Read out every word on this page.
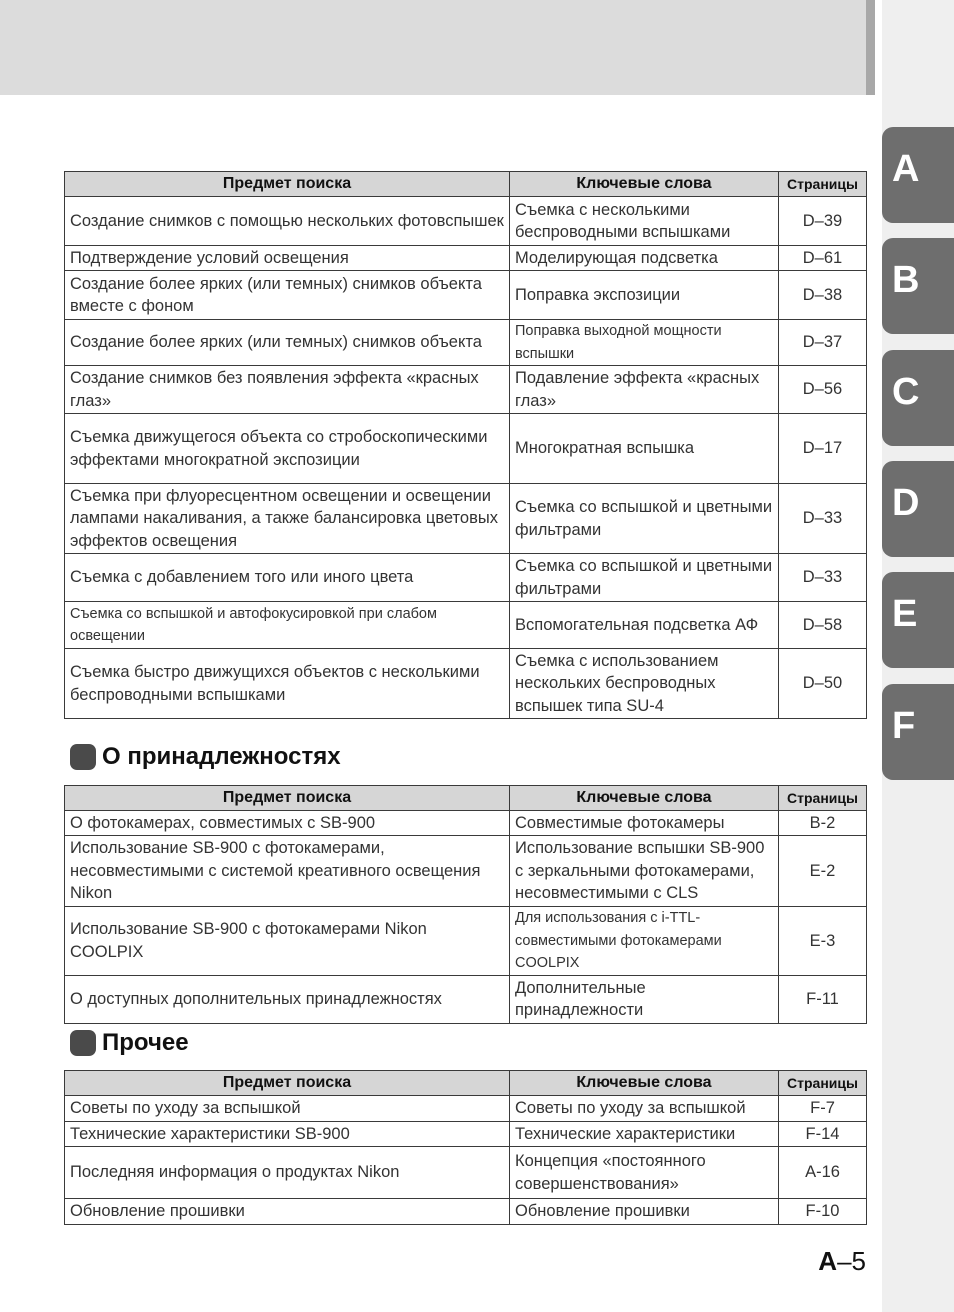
A
B
C
D
E
F
Предмет поиска	Ключевые слова	Страницы
Создание снимков с помощью нескольких фотовспышек	Съемка с несколькими беспроводными вспышками	D–39
Подтверждение условий освещения	Моделирующая подсветка	D–61
Создание более ярких (или темных) снимков объекта вместе с фоном	Поправка экспозиции	D–38
Создание более ярких (или темных) снимков объекта	Поправка выходной мощности вспышки	D–37
Создание снимков без появления эффекта «красных глаз»	Подавление эффекта «красных глаз»	D–56
Съемка движущегося объекта со стробоскопическими эффектами многократной экспозиции	Многократная вспышка	D–17
Съемка при флуоресцентном освещении и освещении лампами накаливания, а также балансировка цветовых эффектов освещения	Съемка со вспышкой и цветными фильтрами	D–33
Съемка с добавлением того или иного цвета	Съемка со вспышкой и цветными фильтрами	D–33
Съемка со вспышкой и автофокусировкой при слабом освещении	Вспомогательная подсветка АФ	D–58
Съемка быстро движущихся объектов с несколькими беспроводными вспышками	Съемка с использованием нескольких беспроводных вспышек типа SU-4	D–50
О принадлежностях
Предмет поиска	Ключевые слова	Страницы
О фотокамерах, совместимых с SB-900	Совместимые фотокамеры	B-2
Использование SB-900 с фотокамерами, несовместимыми с системой креативного освещения Nikon	Использование вспышки SB-900 с зеркальными фотокамерами, несовместимыми с CLS	E-2
Использование SB-900 с фотокамерами Nikon COOLPIX	Для использования с i-TTL-совместимыми фотокамерами COOLPIX	E-3
О доступных дополнительных принадлежностях	Дополнительные принадлежности	F-11
Прочее
Предмет поиска	Ключевые слова	Страницы
Советы по уходу за вспышкой	Советы по уходу за вспышкой	F-7
Технические характеристики SB-900	Технические характеристики	F-14
Последняя информация о продуктах Nikon	Концепция «постоянного совершенствования»	A-16
Обновление прошивки	Обновление прошивки	F-10
A–5
